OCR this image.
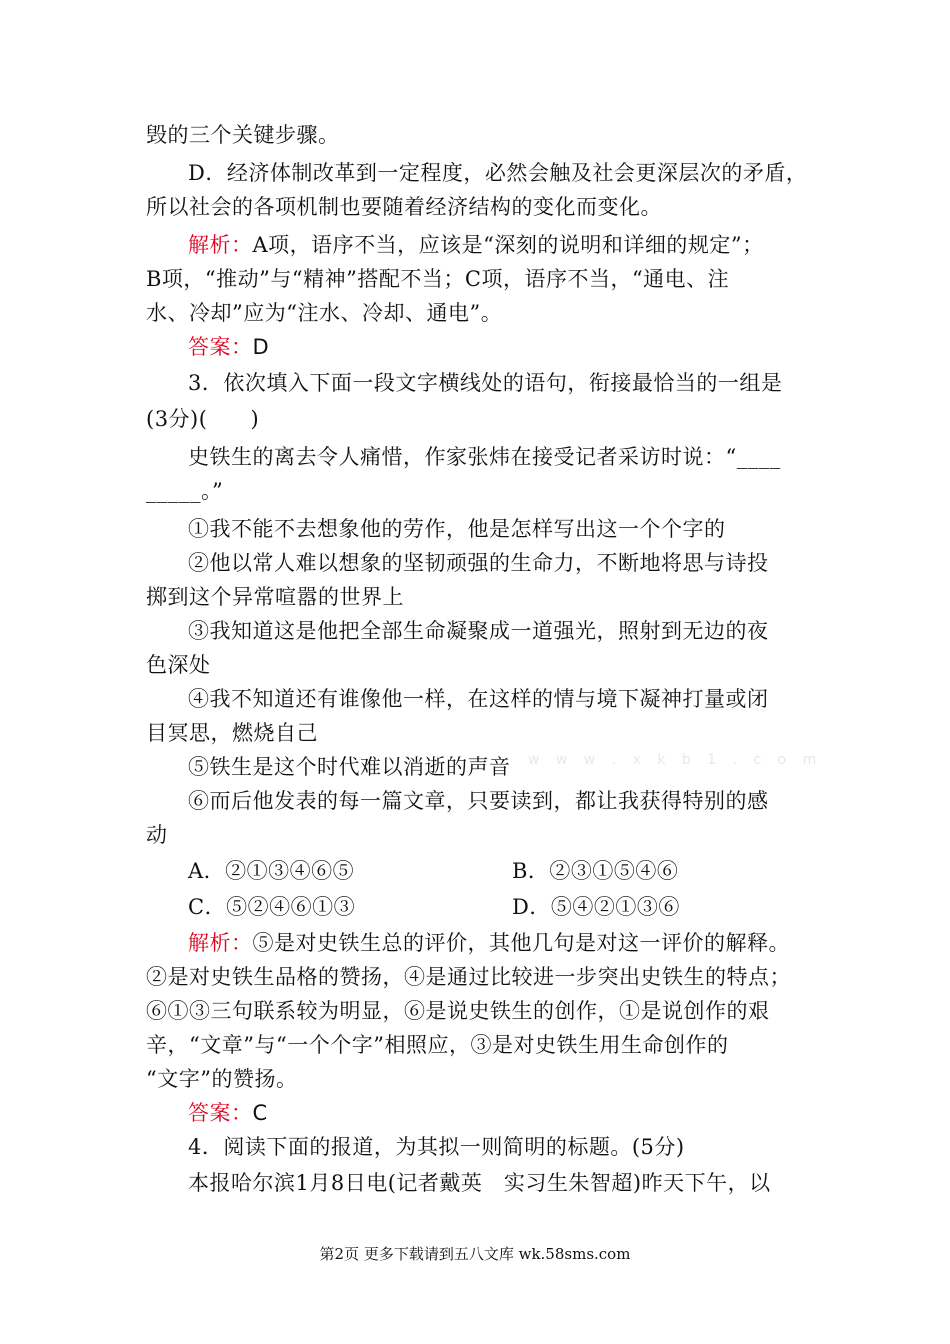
毁的三个关键步骤。
D．经济体制改革到一定程度，必然会触及社会更深层次的矛盾，
所以社会的各项机制也要随着经济结构的变化而变化。
解析：A项，语序不当，应该是“深刻的说明和详细的规定”；
B项，“推动”与“精神”搭配不当；C项，语序不当，“通电、注
水、冷却”应为“注水、冷却、通电”。
答案：D
3．依次填入下面一段文字横线处的语句，衔接最恰当的一组是
(3分)(　　)
史铁生的离去令人痛惜，作家张炜在接受记者采访时说：“____
_____。”
①我不能不去想象他的劳作，他是怎样写出这一个个字的
②他以常人难以想象的坚韧顽强的生命力，不断地将思与诗投
掷到这个异常喧嚣的世界上
③我知道这是他把全部生命凝聚成一道强光，照射到无边的夜
色深处
④我不知道还有谁像他一样，在这样的情与境下凝神打量或闭
目冥思，燃烧自己
⑤铁生是这个时代难以消逝的声音 w w w . x k b 1 . c o m
⑥而后他发表的每一篇文章，只要读到，都让我获得特别的感
动
A．②①③④⑥⑤	B．②③①⑤④⑥
C．⑤②④⑥①③	D．⑤④②①③⑥
解析：⑤是对史铁生总的评价，其他几句是对这一评价的解释。
②是对史铁生品格的赞扬，④是通过比较进一步突出史铁生的特点；
⑥①③三句联系较为明显，⑥是说史铁生的创作，①是说创作的艰
辛，“文章”与“一个个字”相照应，③是对史铁生用生命创作的
“文字”的赞扬。
答案：C
4．阅读下面的报道，为其拟一则简明的标题。(5分)
本报哈尔滨1月8日电(记者戴英　实习生朱智超)昨天下午，以
第2页 更多下载请到五八文库 wk.58sms.com
